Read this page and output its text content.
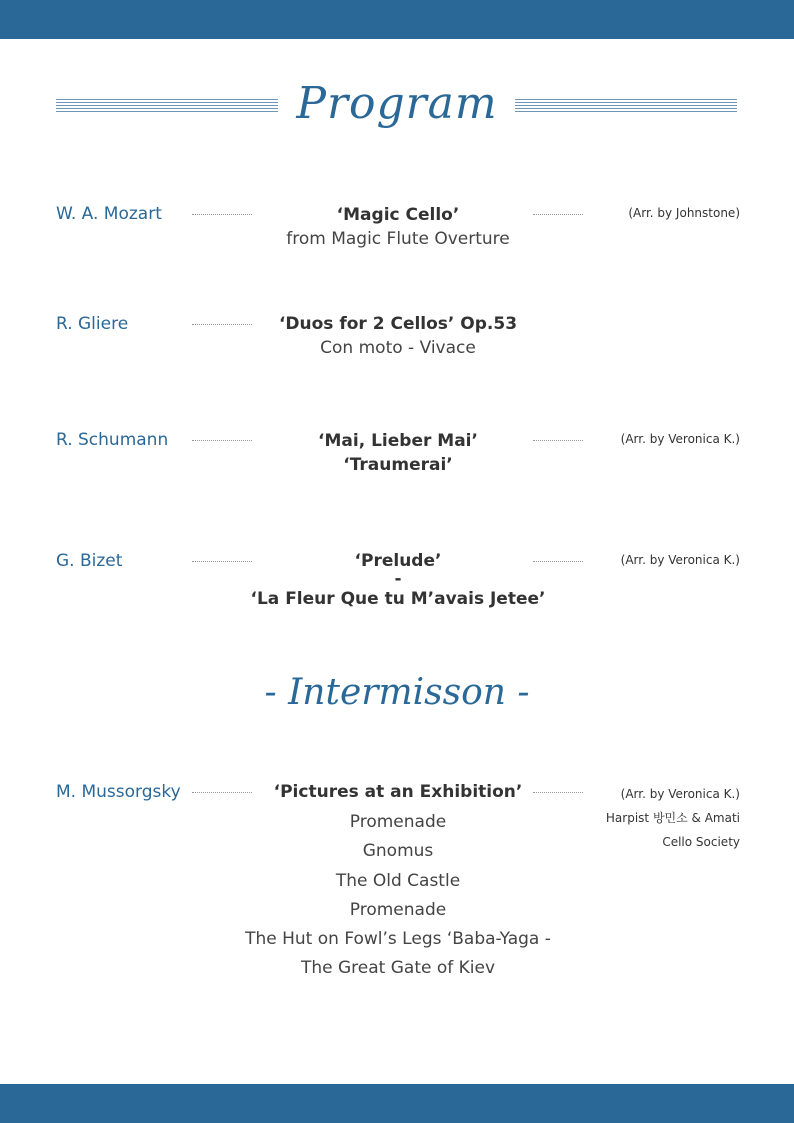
Program
W. A. Mozart	‘Magic Cello’
from Magic Flute Overture
(Arr. by Johnstone)
R. Gliere	‘Duos for 2 Cellos’ Op.53
Con moto - Vivace
R. Schumann	‘Mai, Lieber Mai’
‘Traumerai’
(Arr. by Veronica K.)
G. Bizet	‘Prelude’
-
‘La Fleur Que tu M’avais Jetee’
(Arr. by Veronica K.)
- Intermisson -
M. Mussorgsky	‘Pictures at an Exhibition’	(Arr. by Veronica K.)
Harpist 방민소 & Amati
Cello Society
Promenade
Gnomus
The Old Castle
Promenade
The Hut on Fowl’s Legs ‘Baba-Yaga -
The Great Gate of Kiev
